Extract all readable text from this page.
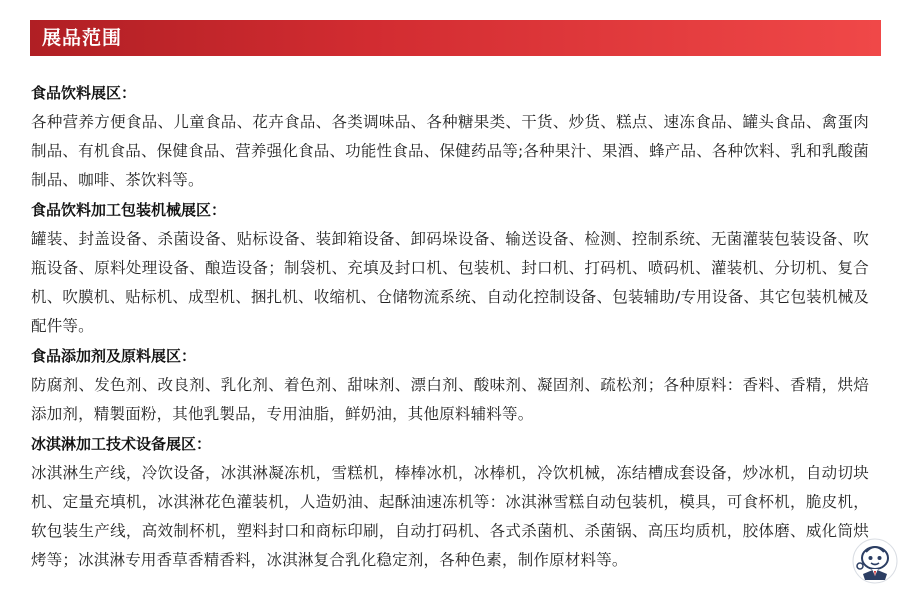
展品范围
食品饮料展区：
各种营养方便食品、儿童食品、花卉食品、各类调味品、各种糖果类、干货、炒货、糕点、速冻食品、罐头食品、禽蛋肉制品、有机食品、保健食品、营养强化食品、功能性食品、保健药品等;各种果汁、果酒、蜂产品、各种饮料、乳和乳酸菌制品、咖啡、茶饮料等。
食品饮料加工包装机械展区：
罐装、封盖设备、杀菌设备、贴标设备、装卸箱设备、卸码垛设备、输送设备、检测、控制系统、无菌灌装包装设备、吹瓶设备、原料处理设备、酿造设备；制袋机、充填及封口机、包装机、封口机、打码机、喷码机、灌装机、分切机、复合机、吹膜机、贴标机、成型机、捆扎机、收缩机、仓储物流系统、自动化控制设备、包装辅助/专用设备、其它包装机械及配件等。
食品添加剂及原料展区：
防腐剂、发色剂、改良剂、乳化剂、着色剂、甜味剂、漂白剂、酸味剂、凝固剂、疏松剂；各种原料：香料、香精，烘焙添加剂，精製面粉，其他乳製品，专用油脂，鲜奶油，其他原料辅料等。
冰淇淋加工技术设备展区：
冰淇淋生产线，冷饮设备，冰淇淋凝冻机，雪糕机，棒棒冰机，冰棒机，冷饮机械，冻结槽成套设备，炒冰机，自动切块机、定量充填机，冰淇淋花色灌装机，人造奶油、起酥油速冻机等：冰淇淋雪糕自动包装机，模具，可食杯机，脆皮机，软包装生产线，高效制杯机，塑料封口和商标印刷，自动打码机、各式杀菌机、杀菌锅、高压均质机，胶体磨、威化筒烘烤等；冰淇淋专用香草香精香料，冰淇淋复合乳化稳定剂，各种色素，制作原材料等。
